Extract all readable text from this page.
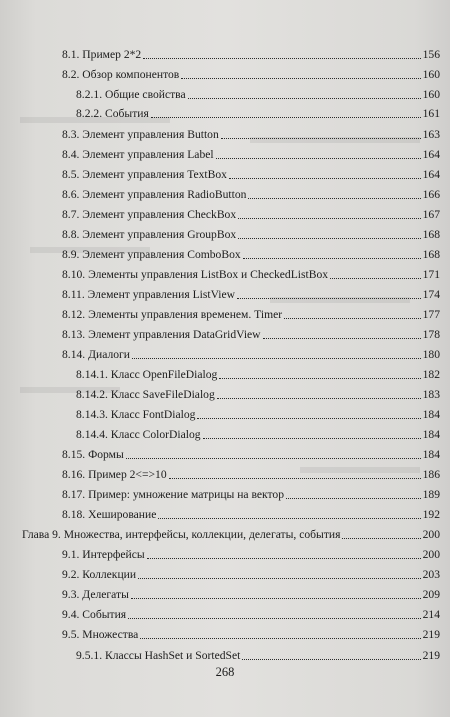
8.1. Пример 2*2	156
8.2. Обзор компонентов	160
8.2.1. Общие свойства	160
8.2.2. События	161
8.3. Элемент управления Button	163
8.4. Элемент управления Label	164
8.5. Элемент управления TextBox	164
8.6. Элемент управления RadioButton	166
8.7. Элемент управления CheckBox	167
8.8. Элемент управления GroupBox	168
8.9. Элемент управления ComboBox	168
8.10. Элементы управления ListBox и CheckedListBox	171
8.11. Элемент управления ListView	174
8.12. Элементы управления временем. Timer	177
8.13. Элемент управления DataGridView	178
8.14. Диалоги	180
8.14.1. Класс OpenFileDialog	182
8.14.2. Класс SaveFileDialog	183
8.14.3. Класс FontDialog	184
8.14.4. Класс ColorDialog	184
8.15. Формы	184
8.16. Пример 2<=>10	186
8.17. Пример: умножение матрицы на вектор	189
8.18. Хеширование	192
Глава 9. Множества, интерфейсы, коллекции, делегаты, события	200
9.1. Интерфейсы	200
9.2. Коллекции	203
9.3. Делегаты	209
9.4. События	214
9.5. Множества	219
9.5.1. Классы HashSet и SortedSet	219
268
